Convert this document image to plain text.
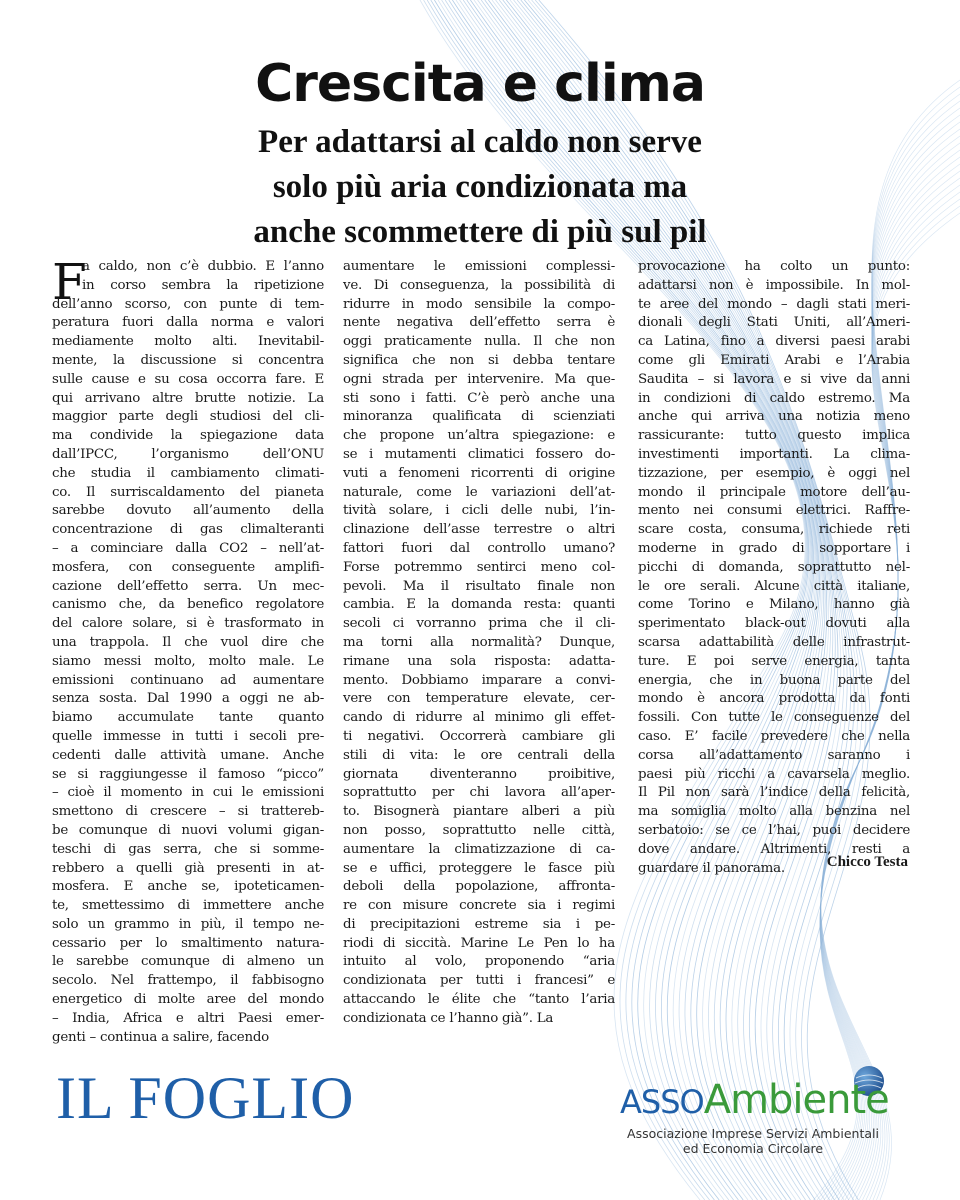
Crescita e clima
Per adattarsi al caldo non serve
solo più aria condizionata ma
anche scommettere di più sul pil
F
a caldo, non c’è dubbio. E l’anno
in corso sembra la ripetizione
dell’anno scorso, con punte di tem-
peratura fuori dalla norma e valori
mediamente molto alti. Inevitabil-
mente, la discussione si concentra
sulle cause e su cosa occorra fare. E
qui arrivano altre brutte notizie. La
maggior parte degli studiosi del cli-
ma condivide la spiegazione data
dall’IPCC, l’organismo dell’ONU
che studia il cambiamento climati-
co. Il surriscaldamento del pianeta
sarebbe dovuto all’aumento della
concentrazione di gas climalteranti
– a cominciare dalla CO2 – nell’at-
mosfera, con conseguente amplifi-
cazione dell’effetto serra. Un mec-
canismo che, da benefico regolatore
del calore solare, si è trasformato in
una trappola. Il che vuol dire che
siamo messi molto, molto male. Le
emissioni continuano ad aumentare
senza sosta. Dal 1990 a oggi ne ab-
biamo accumulate tante quanto
quelle immesse in tutti i secoli pre-
cedenti dalle attività umane. Anche
se si raggiungesse il famoso “picco”
– cioè il momento in cui le emissioni
smettono di crescere – si trattereb-
be comunque di nuovi volumi gigan-
teschi di gas serra, che si somme-
rebbero a quelli già presenti in at-
mosfera. E anche se, ipoteticamen-
te, smettessimo di immettere anche
solo un grammo in più, il tempo ne-
cessario per lo smaltimento natura-
le sarebbe comunque di almeno un
secolo. Nel frattempo, il fabbisogno
energetico di molte aree del mondo
– India, Africa e altri Paesi emer-
genti – continua a salire, facendo
aumentare le emissioni complessi-
ve. Di conseguenza, la possibilità di
ridurre in modo sensibile la compo-
nente negativa dell’effetto serra è
oggi praticamente nulla. Il che non
significa che non si debba tentare
ogni strada per intervenire. Ma que-
sti sono i fatti. C’è però anche una
minoranza qualificata di scienziati
che propone un’altra spiegazione: e
se i mutamenti climatici fossero do-
vuti a fenomeni ricorrenti di origine
naturale, come le variazioni dell’at-
tività solare, i cicli delle nubi, l’in-
clinazione dell’asse terrestre o altri
fattori fuori dal controllo umano?
Forse potremmo sentirci meno col-
pevoli. Ma il risultato finale non
cambia. E la domanda resta: quanti
secoli ci vorranno prima che il cli-
ma torni alla normalità? Dunque,
rimane una sola risposta: adatta-
mento. Dobbiamo imparare a convi-
vere con temperature elevate, cer-
cando di ridurre al minimo gli effet-
ti negativi. Occorrerà cambiare gli
stili di vita: le ore centrali della
giornata diventeranno proibitive,
soprattutto per chi lavora all’aper-
to. Bisognerà piantare alberi a più
non posso, soprattutto nelle città,
aumentare la climatizzazione di ca-
se e uffici, proteggere le fasce più
deboli della popolazione, affronta-
re con misure concrete sia i regimi
di precipitazioni estreme sia i pe-
riodi di siccità. Marine Le Pen lo ha
intuito al volo, proponendo “aria
condizionata per tutti i francesi” e
attaccando le élite che “tanto l’aria
condizionata ce l’hanno già”. La
provocazione ha colto un punto:
adattarsi non è impossibile. In mol-
te aree del mondo – dagli stati meri-
dionali degli Stati Uniti, all’Ameri-
ca Latina, fino a diversi paesi arabi
come gli Emirati Arabi e l’Arabia
Saudita – si lavora e si vive da anni
in condizioni di caldo estremo. Ma
anche qui arriva una notizia meno
rassicurante: tutto questo implica
investimenti importanti. La clima-
tizzazione, per esempio, è oggi nel
mondo il principale motore dell’au-
mento nei consumi elettrici. Raffre-
scare costa, consuma, richiede reti
moderne in grado di sopportare i
picchi di domanda, soprattutto nel-
le ore serali. Alcune città italiane,
come Torino e Milano, hanno già
sperimentato black-out dovuti alla
scarsa adattabilità delle infrastrut-
ture. E poi serve energia, tanta
energia, che in buona parte del
mondo è ancora prodotta da fonti
fossili. Con tutte le conseguenze del
caso. E’ facile prevedere che nella
corsa all’adattamento saranno i
paesi più ricchi a cavarsela meglio.
Il Pil non sarà l’indice della felicità,
ma somiglia molto alla benzina nel
serbatoio: se ce l’hai, puoi decidere
dove andare. Altrimenti, resti a
guardare il panorama.	Chicco Testa
IL FOGLIO	ASSOAmbiente
Associazione Imprese Servizi Ambientali
ed Economia Circolare
